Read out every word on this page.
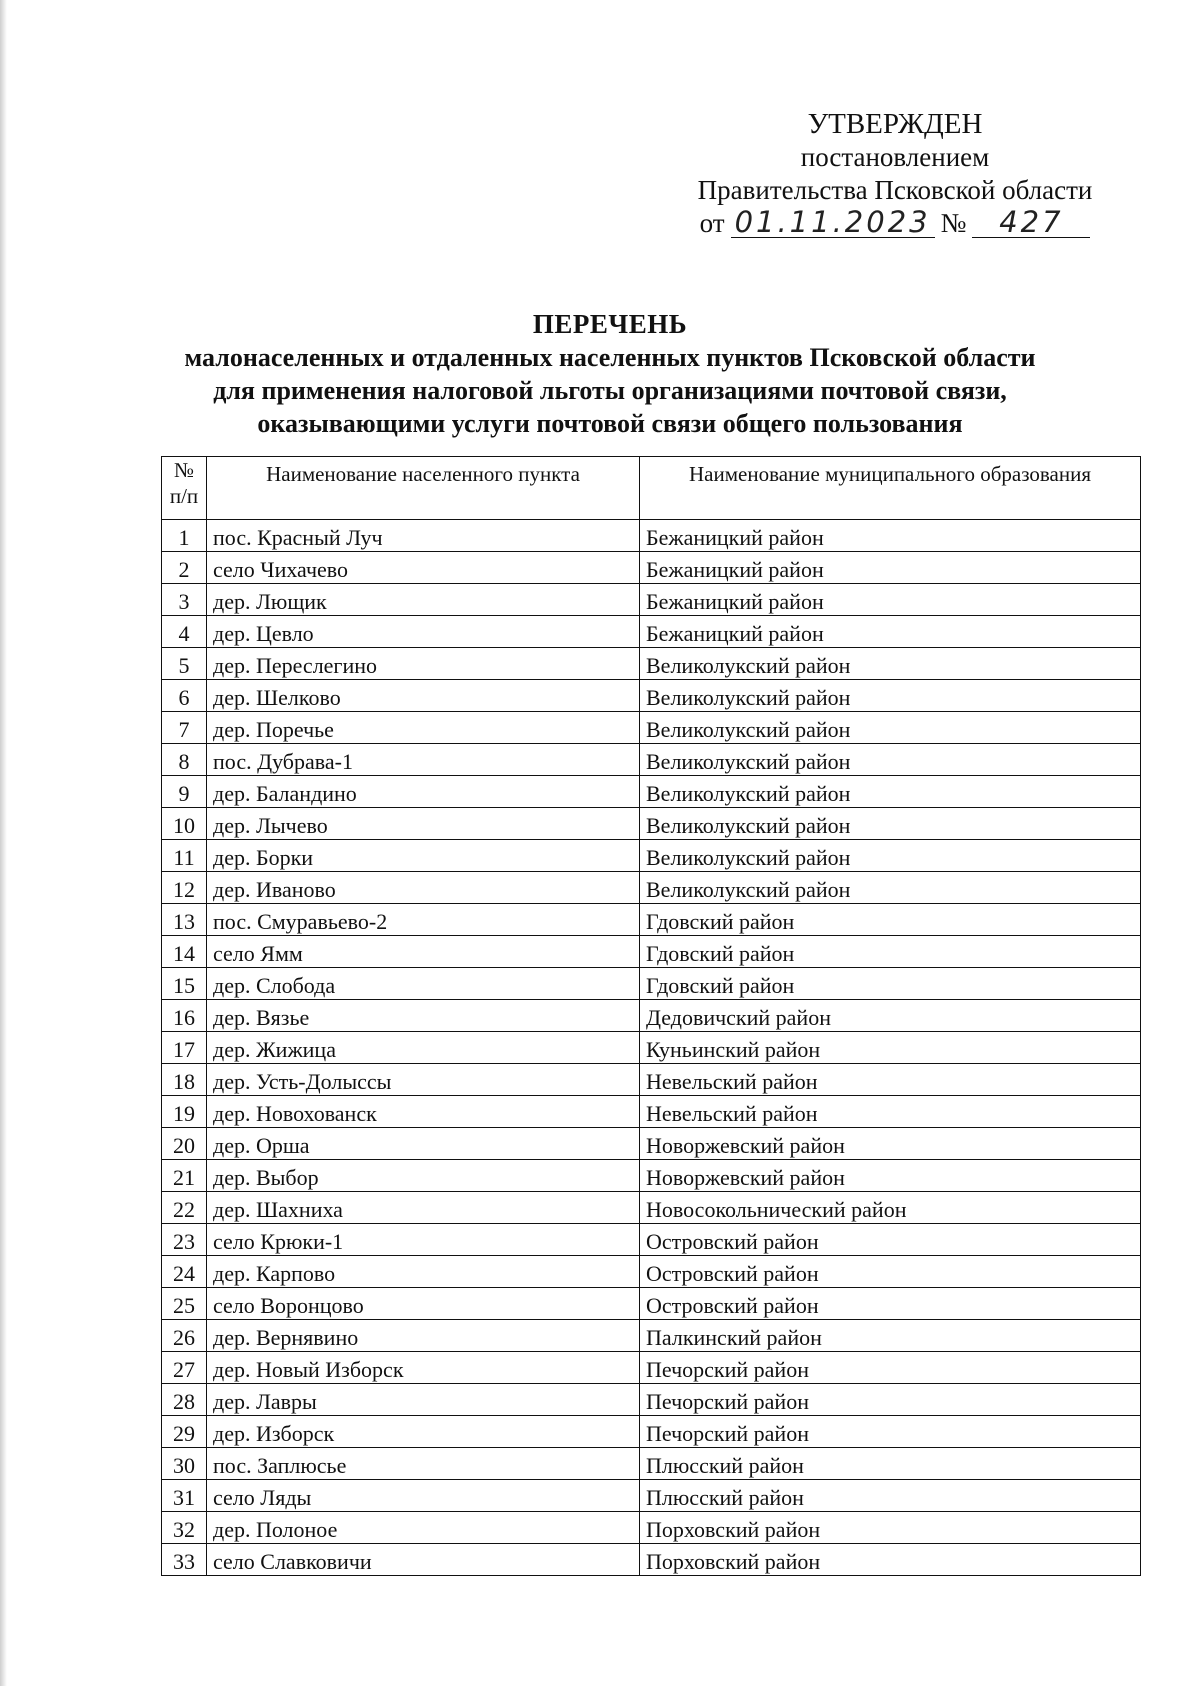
УТВЕРЖДЕН
постановлением
Правительства Псковской области
от 01.11.2023 №	427
ПЕРЕЧЕНЬ
малонаселенных и отдаленных населенных пунктов Псковской области
для применения налоговой льготы организациями почтовой связи,
оказывающими услуги почтовой связи общего пользования
№ п/п	Наименование населенного пункта	Наименование муниципального образования
1	пос. Красный Луч	Бежаницкий район
2	село Чихачево	Бежаницкий район
3	дер. Лющик	Бежаницкий район
4	дер. Цевло	Бежаницкий район
5	дер. Переслегино	Великолукский район
6	дер. Шелково	Великолукский район
7	дер. Поречье	Великолукский район
8	пос. Дубрава-1	Великолукский район
9	дер. Баландино	Великолукский район
10	дер. Лычево	Великолукский район
11	дер. Борки	Великолукский район
12	дер. Иваново	Великолукский район
13	пос. Смуравьево-2	Гдовский район
14	село Ямм	Гдовский район
15	дер. Слобода	Гдовский район
16	дер. Вязье	Дедовичский район
17	дер. Жижица	Куньинский район
18	дер. Усть-Долыссы	Невельский район
19	дер. Новохованск	Невельский район
20	дер. Орша	Новоржевский район
21	дер. Выбор	Новоржевский район
22	дер. Шахниха	Новосокольнический район
23	село Крюки-1	Островский район
24	дер. Карпово	Островский район
25	село Воронцово	Островский район
26	дер. Вернявино	Палкинский район
27	дер. Новый Изборск	Печорский район
28	дер. Лавры	Печорский район
29	дер. Изборск	Печорский район
30	пос. Заплюсье	Плюсский район
31	село Ляды	Плюсский район
32	дер. Полоное	Порховский район
33	село Славковичи	Порховский район
